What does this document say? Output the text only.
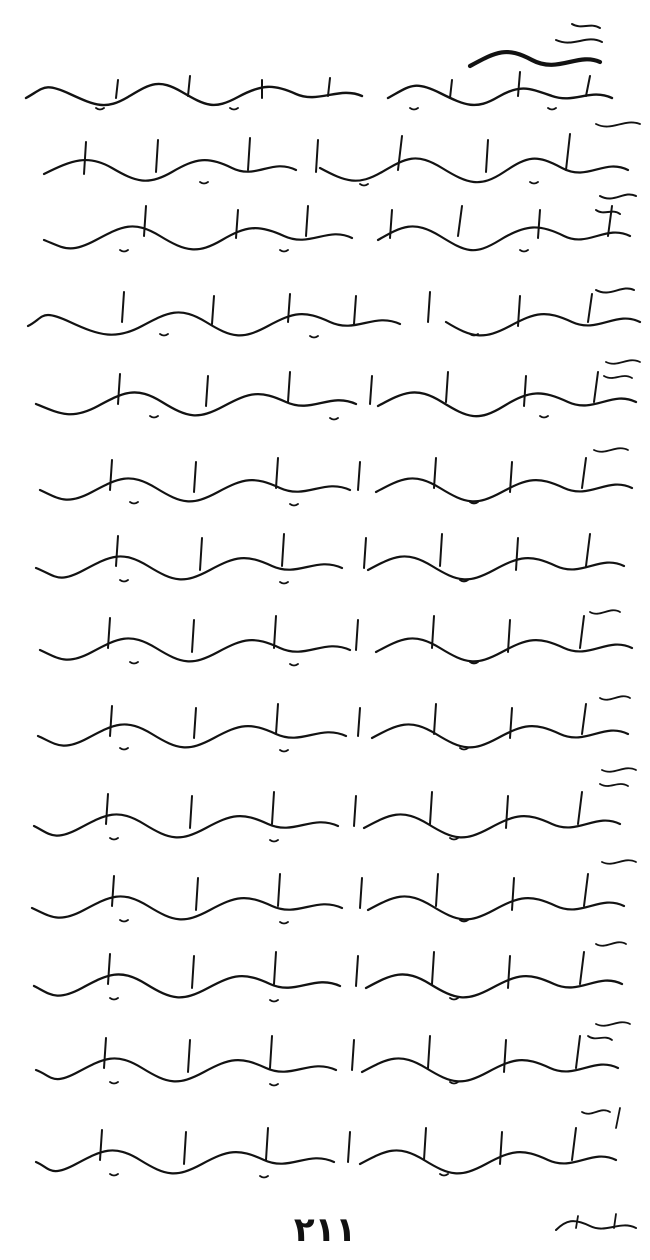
۲۱۱
